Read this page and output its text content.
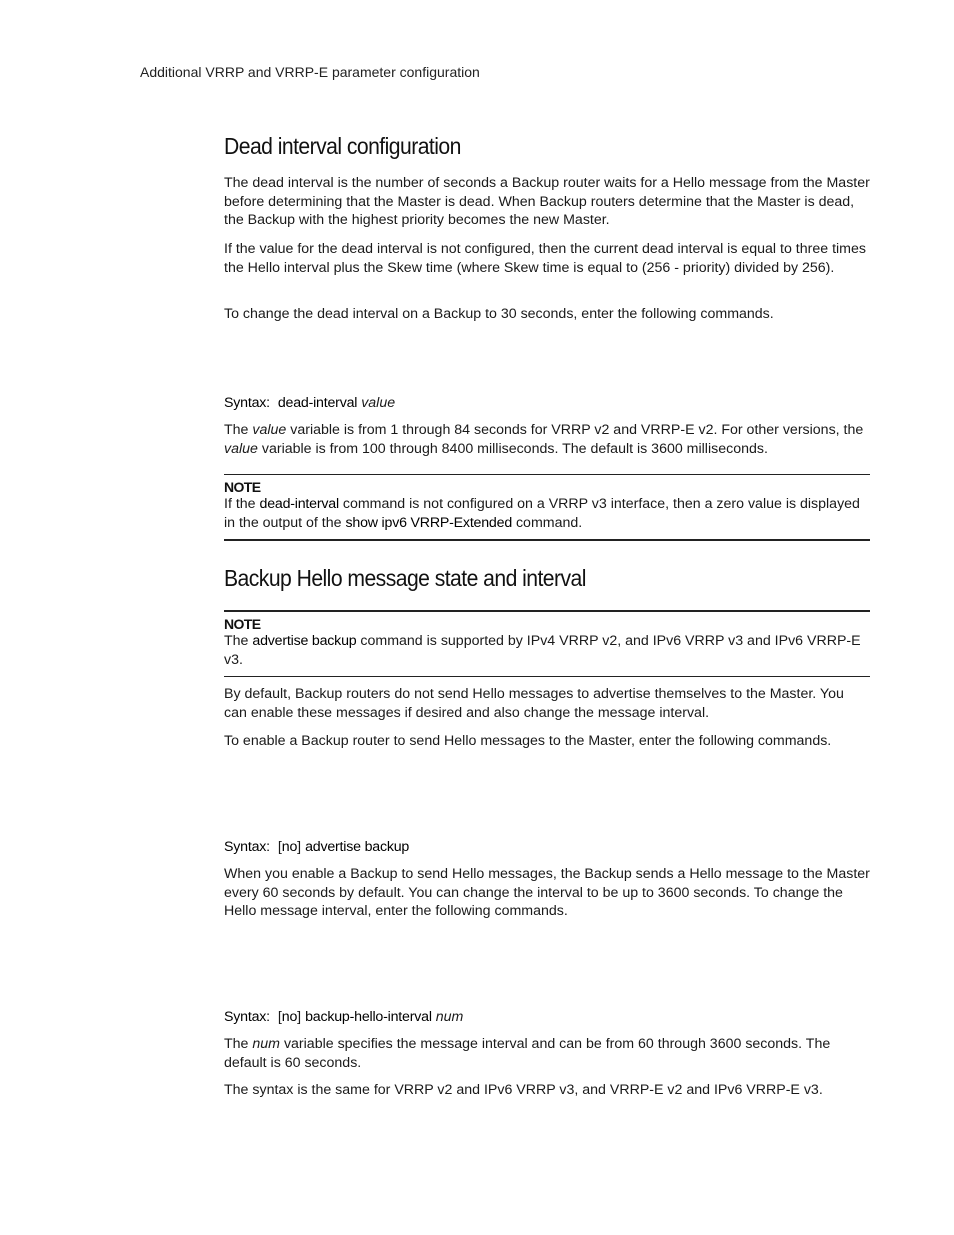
Additional VRRP and VRRP-E parameter configuration
Dead interval configuration

The dead interval is the number of seconds a Backup router waits for a Hello message from the Master before determining that the Master is dead. When Backup routers determine that the Master is dead, the Backup with the highest priority becomes the new Master.

If the value for the dead interval is not configured, then the current dead interval is equal to three times the Hello interval plus the Skew time (where Skew time is equal to (256 - priority) divided by 256).

To change the dead interval on a Backup to 30 seconds, enter the following commands.

Syntax: dead-interval value

The value variable is from 1 through 84 seconds for VRRP v2 and VRRP-E v2. For other versions, the value variable is from 100 through 8400 milliseconds. The default is 3600 milliseconds.

NOTE

If the dead-interval command is not configured on a VRRP v3 interface, then a zero value is displayed in the output of the show ipv6 VRRP-Extended command.

Backup Hello message state and interval
NOTE

The advertise backup command is supported by IPv4 VRRP v2, and IPv6 VRRP v3 and IPv6 VRRP-E v3.

By default, Backup routers do not send Hello messages to advertise themselves to the Master. You can enable these messages if desired and also change the message interval.

To enable a Backup router to send Hello messages to the Master, enter the following commands.

Syntax: [no] advertise backup

When you enable a Backup to send Hello messages, the Backup sends a Hello message to the Master every 60 seconds by default. You can change the interval to be up to 3600 seconds. To change the Hello message interval, enter the following commands.

Syntax: [no] backup-hello-interval num

The num variable specifies the message interval and can be from 60 through 3600 seconds. The default is 60 seconds.

The syntax is the same for VRRP v2 and IPv6 VRRP v3, and VRRP-E v2 and IPv6 VRRP-E v3.
